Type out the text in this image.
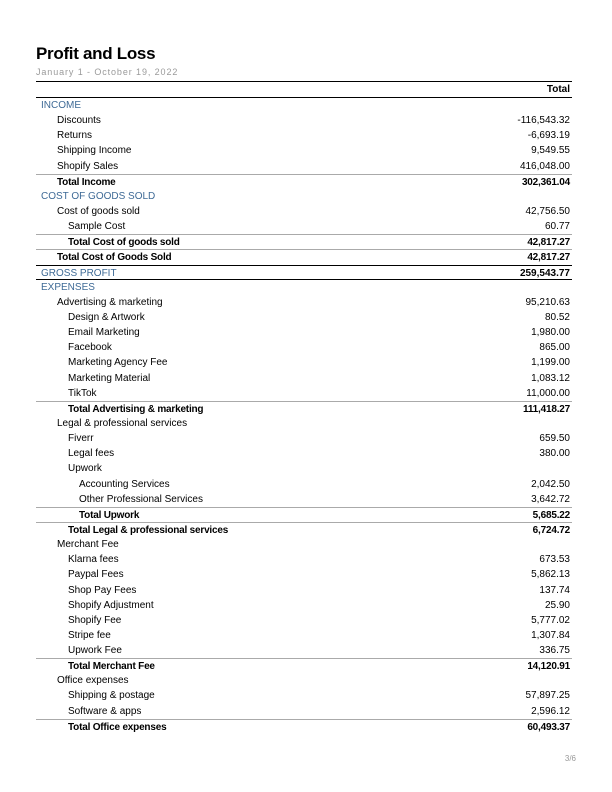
Profit and Loss
January 1 - October 19, 2022
Total
INCOME
Discounts	-116,543.32
Returns	-6,693.19
Shipping Income	9,549.55
Shopify Sales	416,048.00
Total Income	302,361.04
COST OF GOODS SOLD
Cost of goods sold	42,756.50
Sample Cost	60.77
Total Cost of goods sold	42,817.27
Total Cost of Goods Sold	42,817.27
GROSS PROFIT	259,543.77
EXPENSES
Advertising & marketing	95,210.63
Design & Artwork	80.52
Email Marketing	1,980.00
Facebook	865.00
Marketing Agency Fee	1,199.00
Marketing Material	1,083.12
TikTok	11,000.00
Total Advertising & marketing	111,418.27
Legal & professional services
Fiverr	659.50
Legal fees	380.00
Upwork
Accounting Services	2,042.50
Other Professional Services	3,642.72
Total Upwork	5,685.22
Total Legal & professional services	6,724.72
Merchant Fee
Klarna fees	673.53
Paypal Fees	5,862.13
Shop Pay Fees	137.74
Shopify Adjustment	25.90
Shopify Fee	5,777.02
Stripe fee	1,307.84
Upwork Fee	336.75
Total Merchant Fee	14,120.91
Office expenses
Shipping & postage	57,897.25
Software & apps	2,596.12
Total Office expenses	60,493.37
3/6
